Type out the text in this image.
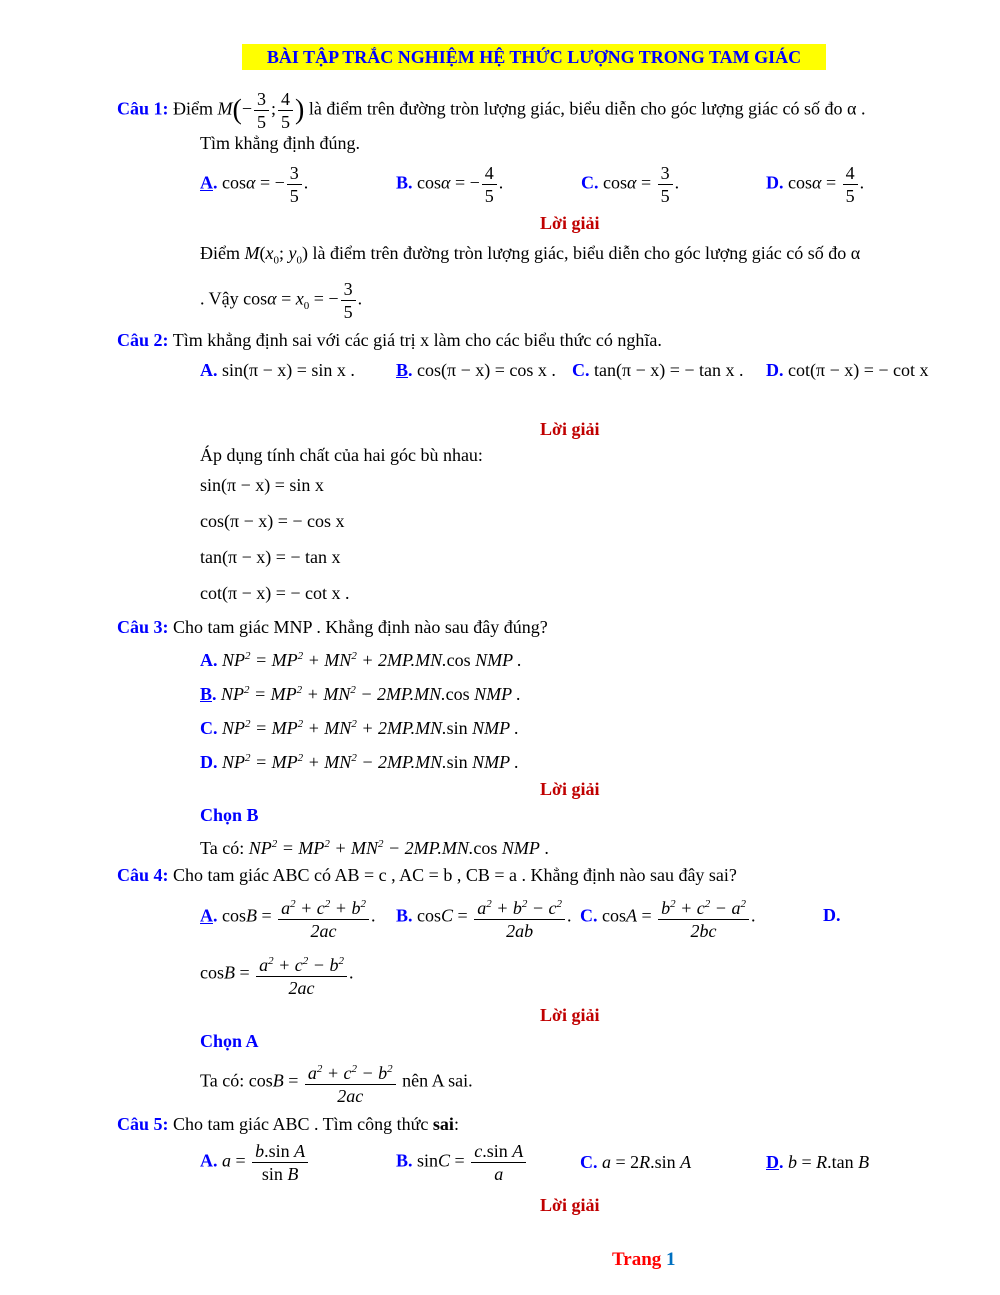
BÀI TẬP TRẮC NGHIỆM HỆ THỨC LƯỢNG TRONG TAM GIÁC
Câu 1: Điểm $M(- \frac{3}{5}$ ; $\frac{4}{5}$ ) là điểm trên đường tròn lượng giác, biểu diễn cho góc lượng giác có số đo α .
Tìm khẳng định đúng.
A. cosα = − $\frac{3}{5}$ .	B. cosα = − $\frac{4}{5}$ .	C. $\cos\alpha = \frac{3}{5}$ .	D. $\cos\alpha = \frac{4}{5}$ .
Lời giải
Điểm $M(x_0$; $y_0$) là điểm trên đường tròn lượng giác, biểu diễn cho góc lượng giác có số đo α
. Vậy $\cos\alpha = x_0$ = − $\frac{3}{5}$ .
Câu 2: Tìm khẳng định sai với các giá trị x làm cho các biểu thức có nghĩa.
A. sin(π − x) = sin x . B. cos(π − x) = cos x . C. tan(π − x) = − tan x . D. cot(π − x) = − cot x
Lời giải
Áp dụng tính chất của hai góc bù nhau:
sin(π − x) = sin x
cos(π − x) = − cos x
tan(π − x) = − tan x
cot(π − x) = − cot x .
Câu 3: Cho tam giác MNP . Khẳng định nào sau đây đúng?
A. $NP^2 = MP^2 + MN^2 + 2MP.MN.\cos$ NMP .
B. $NP^2 = MP^2 + MN^2 - 2MP.MN.\cos$ NMP .
C. $NP^2 = MP^2 + MN^2 + 2MP.MN.\sin$ NMP .
D. $NP^2 = MP^2 + MN^2 - 2MP.MN.\sin$ NMP .
Lời giải
Chọn B
Ta có: $NP^2 = MP^2 + MN^2 - 2MP.MN.\cos$ NMP .
Câu 4: Cho tam giác ABC có AB = c , AC = b , CB = a . Khẳng định nào sau đây sai?
A. $\cos B = \frac{a^2 + c^2 + b^2}{2ac}$ . B. $\cos C = \frac{a^2 + b^2 - c^2}{2ab}$ . C. $\cos A = \frac{b^2 + c^2 - a^2}{2bc}$ .	D.
$\cos B = \frac{a^2 + c^2 - b^2}{2ac}$ .
Lời giải
Chọn A
Ta có: $\cos B = \frac{a^2 + c^2 - b^2}{2ac}$ nên A sai.
Câu 5: Cho tam giác ABC . Tìm công thức sai:
A. $a = \frac{\text{b.sin A}}{\text{sin B}}$	B. $\sin C = \frac{\text{c.sin A}}{a}$	C. a = 2R.sin A	D. b = R.tan B
Lời giải
Trang 1
